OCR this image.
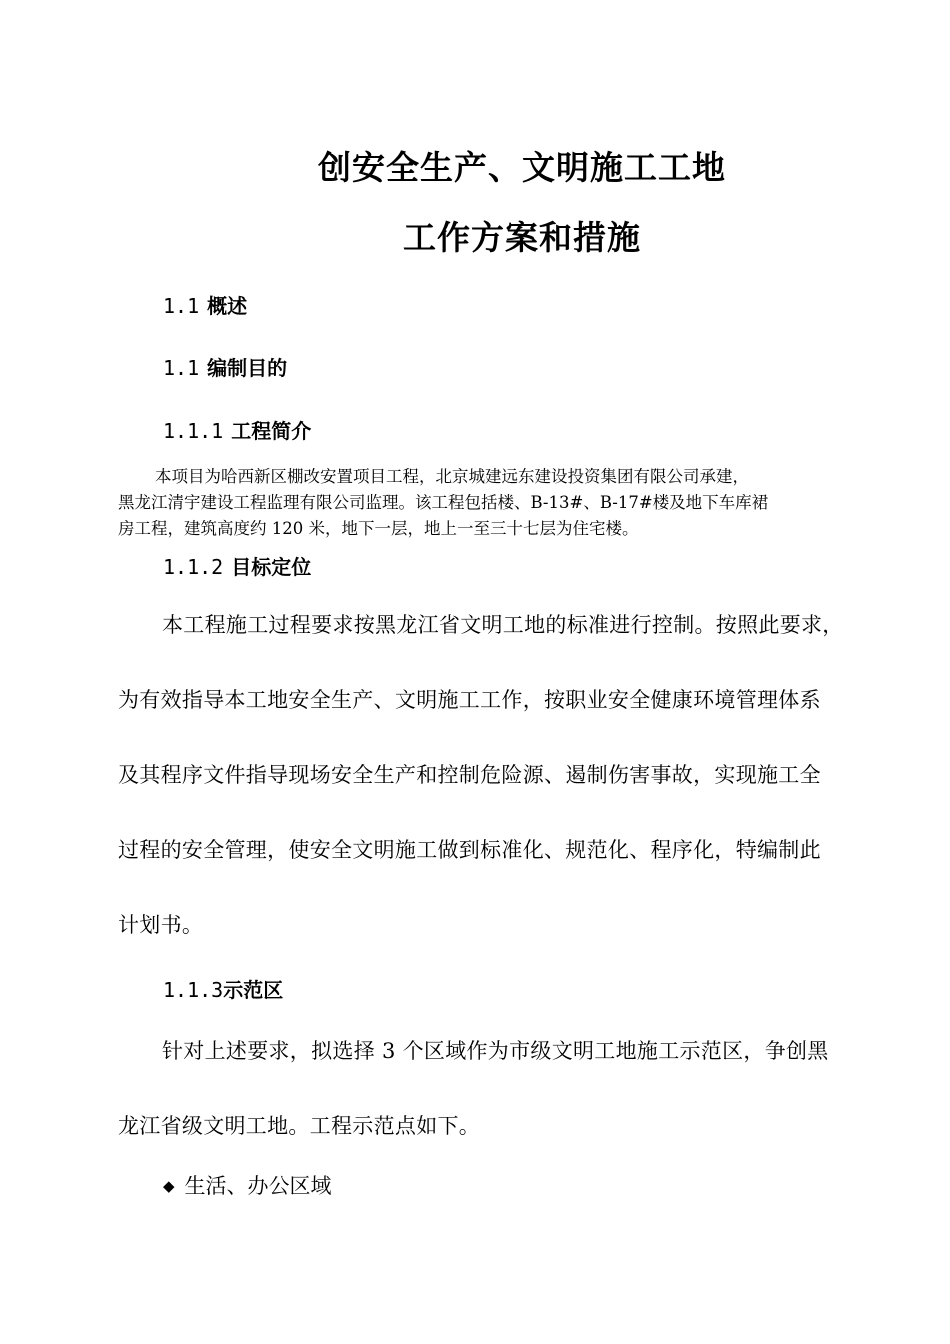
创安全生产、文明施工工地
工作方案和措施
1.1 概述
1.1 编制目的
1.1.1 工程简介

本项目为哈西新区棚改安置项目工程，北京城建远东建设投资集团有限公司承建，

黑龙江清宇建设工程监理有限公司监理。该工程包括楼、B-13#、B-17#楼及地下车库裙

房工程，建筑高度约 120 米，地下一层，地上一至三十七层为住宅楼。

1.1.2 目标定位

本工程施工过程要求按黑龙江省文明工地的标准进行控制。按照此要求，

为有效指导本工地安全生产、文明施工工作，按职业安全健康环境管理体系

及其程序文件指导现场安全生产和控制危险源、遏制伤害事故，实现施工全

过程的安全管理，使安全文明施工做到标准化、规范化、程序化，特编制此

计划书。

1.1.3示范区

针对上述要求，拟选择 3 个区域作为市级文明工地施工示范区，争创黑

龙江省级文明工地。工程示范点如下。

◆ 生活、办公区域
